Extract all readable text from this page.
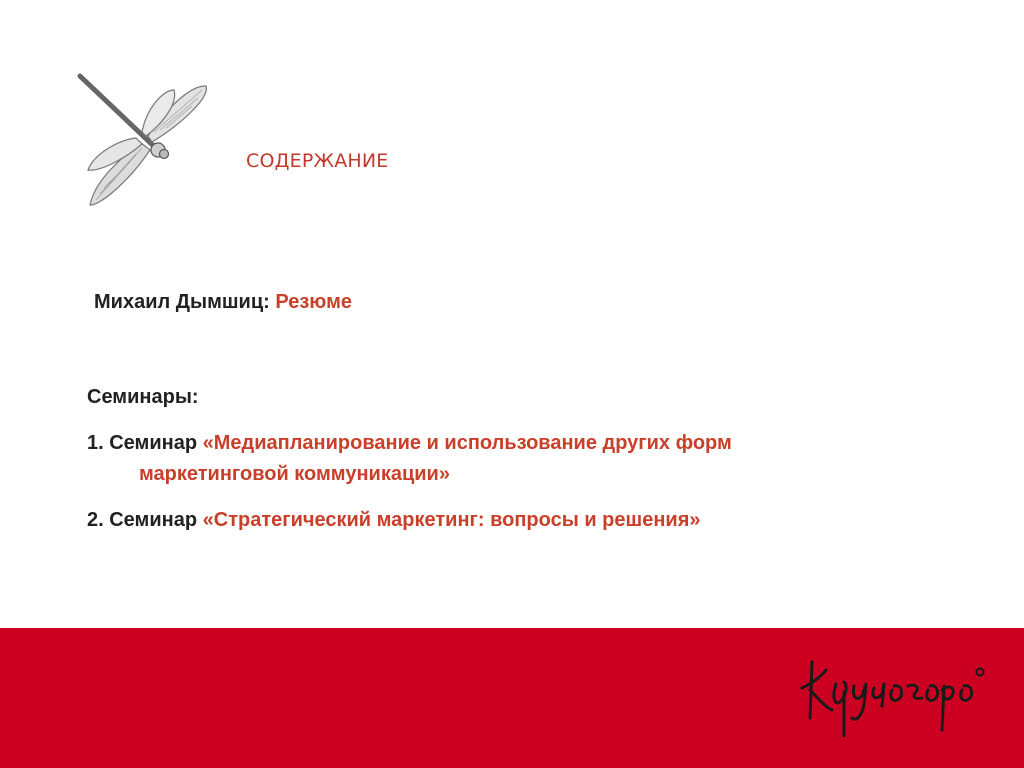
СОДЕРЖАНИЕ
Михаил Дымшиц: Резюме
Семинары:
1. Семинар «Медиапланирование и использование других форм
маркетинговой коммуникации»
2. Семинар «Стратегический маркетинг: вопросы и решения»
